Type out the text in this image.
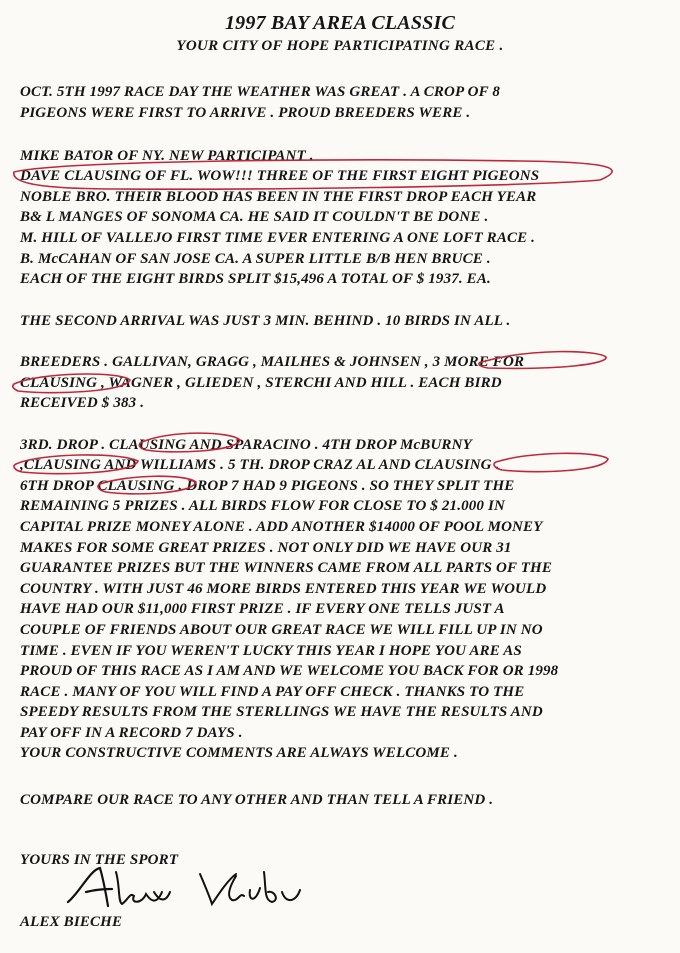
1997 BAY AREA CLASSIC
YOUR CITY OF HOPE PARTICIPATING RACE .
OCT. 5TH 1997 RACE DAY THE WEATHER WAS GREAT . A CROP OF 8
PIGEONS WERE FIRST TO ARRIVE . PROUD BREEDERS WERE .
MIKE BATOR OF NY. NEW PARTICIPANT .
DAVE CLAUSING OF FL. WOW!!! THREE OF THE FIRST EIGHT PIGEONS
NOBLE BRO. THEIR BLOOD HAS BEEN IN THE FIRST DROP EACH YEAR
B& L MANGES OF SONOMA CA. HE SAID IT COULDN'T BE DONE .
M. HILL OF VALLEJO FIRST TIME EVER ENTERING A ONE LOFT RACE .
B. McCAHAN OF SAN JOSE CA. A SUPER LITTLE B/B HEN BRUCE .
EACH OF THE EIGHT BIRDS SPLIT $15,496 A TOTAL OF $ 1937. EA.
THE SECOND ARRIVAL WAS JUST 3 MIN. BEHIND . 10 BIRDS IN ALL .
BREEDERS . GALLIVAN, GRAGG , MAILHES & JOHNSEN , 3 MORE FOR
CLAUSING , WAGNER , GLIEDEN , STERCHI AND HILL . EACH BIRD
RECEIVED $ 383 .
3RD. DROP . CLAUSING AND SPARACINO . 4TH DROP McBURNY
,CLAUSING AND WILLIAMS . 5 TH. DROP CRAZ AL AND CLAUSING .
6TH DROP CLAUSING . DROP 7 HAD 9 PIGEONS . SO THEY SPLIT THE
REMAINING 5 PRIZES . ALL BIRDS FLOW FOR CLOSE TO $ 21.000 IN
CAPITAL PRIZE MONEY ALONE . ADD ANOTHER $14000 OF POOL MONEY
MAKES FOR SOME GREAT PRIZES . NOT ONLY DID WE HAVE OUR 31
GUARANTEE PRIZES BUT THE WINNERS CAME FROM ALL PARTS OF THE
COUNTRY . WITH JUST 46 MORE BIRDS ENTERED THIS YEAR WE WOULD
HAVE HAD OUR $11,000 FIRST PRIZE . IF EVERY ONE TELLS JUST A
COUPLE OF FRIENDS ABOUT OUR GREAT RACE WE WILL FILL UP IN NO
TIME . EVEN IF YOU WEREN'T LUCKY THIS YEAR I HOPE YOU ARE AS
PROUD OF THIS RACE AS I AM AND WE WELCOME YOU BACK FOR OR 1998
RACE . MANY OF YOU WILL FIND A PAY OFF CHECK . THANKS TO THE
SPEEDY RESULTS FROM THE STERLLINGS WE HAVE THE RESULTS AND
PAY OFF IN A RECORD 7 DAYS .
YOUR CONSTRUCTIVE COMMENTS ARE ALWAYS WELCOME .
COMPARE OUR RACE TO ANY OTHER AND THAN TELL A FRIEND .
YOURS IN THE SPORT
ALEX BIECHE
